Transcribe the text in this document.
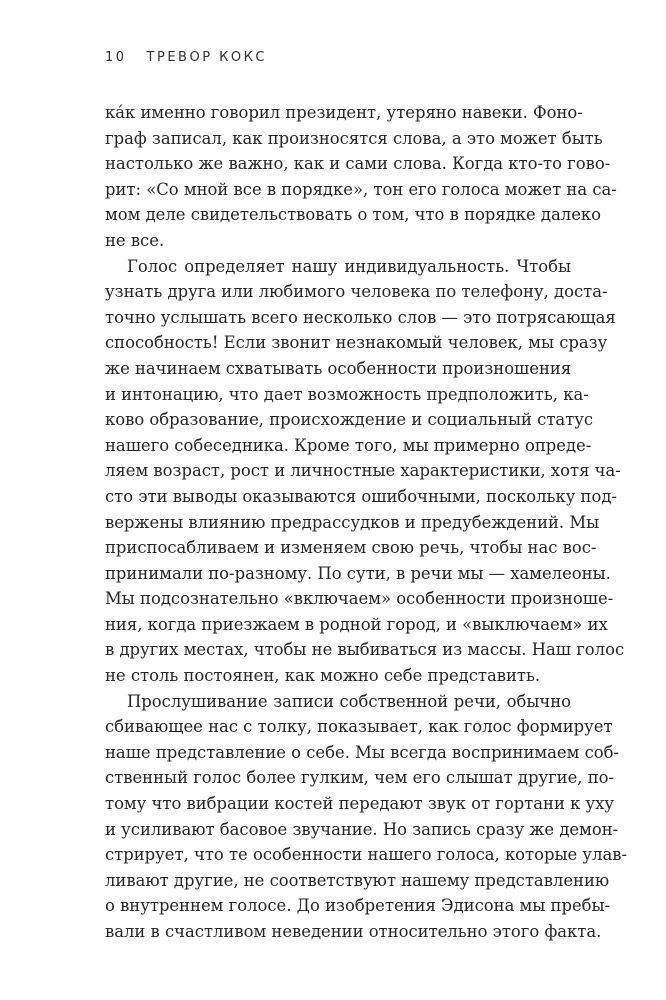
10 ТРЕВОР КОКС
ка́к именно говорил президент, утеряно навеки. Фоно-
граф записал, как произносятся слова, а это может быть
настолько же важно, как и сами слова. Когда кто-то гово-
рит: «Со мной все в порядке», тон его голоса может на са-
мом деле свидетельствовать о том, что в порядке далеко
не все.
Голос определяет нашу индивидуальность. Чтобы
узнать друга или любимого человека по телефону, доста-
точно услышать всего несколько слов — это потрясающая
способность! Если звонит незнакомый человек, мы сразу
же начинаем схватывать особенности произношения
и интонацию, что дает возможность предположить, ка-
ково образование, происхождение и социальный статус
нашего собеседника. Кроме того, мы примерно опреде-
ляем возраст, рост и личностные характеристики, хотя ча-
сто эти выводы оказываются ошибочными, поскольку под-
вержены влиянию предрассудков и предубеждений. Мы
приспосабливаем и изменяем свою речь, чтобы нас вос-
принимали по-разному. По сути, в речи мы — хамелеоны.
Мы подсознательно «включаем» особенности произноше-
ния, когда приезжаем в родной город, и «выключаем» их
в других местах, чтобы не выбиваться из массы. Наш голос
не столь постоянен, как можно себе представить.
Прослушивание записи собственной речи, обычно
сбивающее нас с толку, показывает, как голос формирует
наше представление о себе. Мы всегда воспринимаем соб-
ственный голос более гулким, чем его слышат другие, по-
тому что вибрации костей передают звук от гортани к уху
и усиливают басовое звучание. Но запись сразу же демон-
стрирует, что те особенности нашего голоса, которые улав-
ливают другие, не соответствуют нашему представлению
о внутреннем голосе. До изобретения Эдисона мы пребы-
вали в счастливом неведении относительно этого факта.
